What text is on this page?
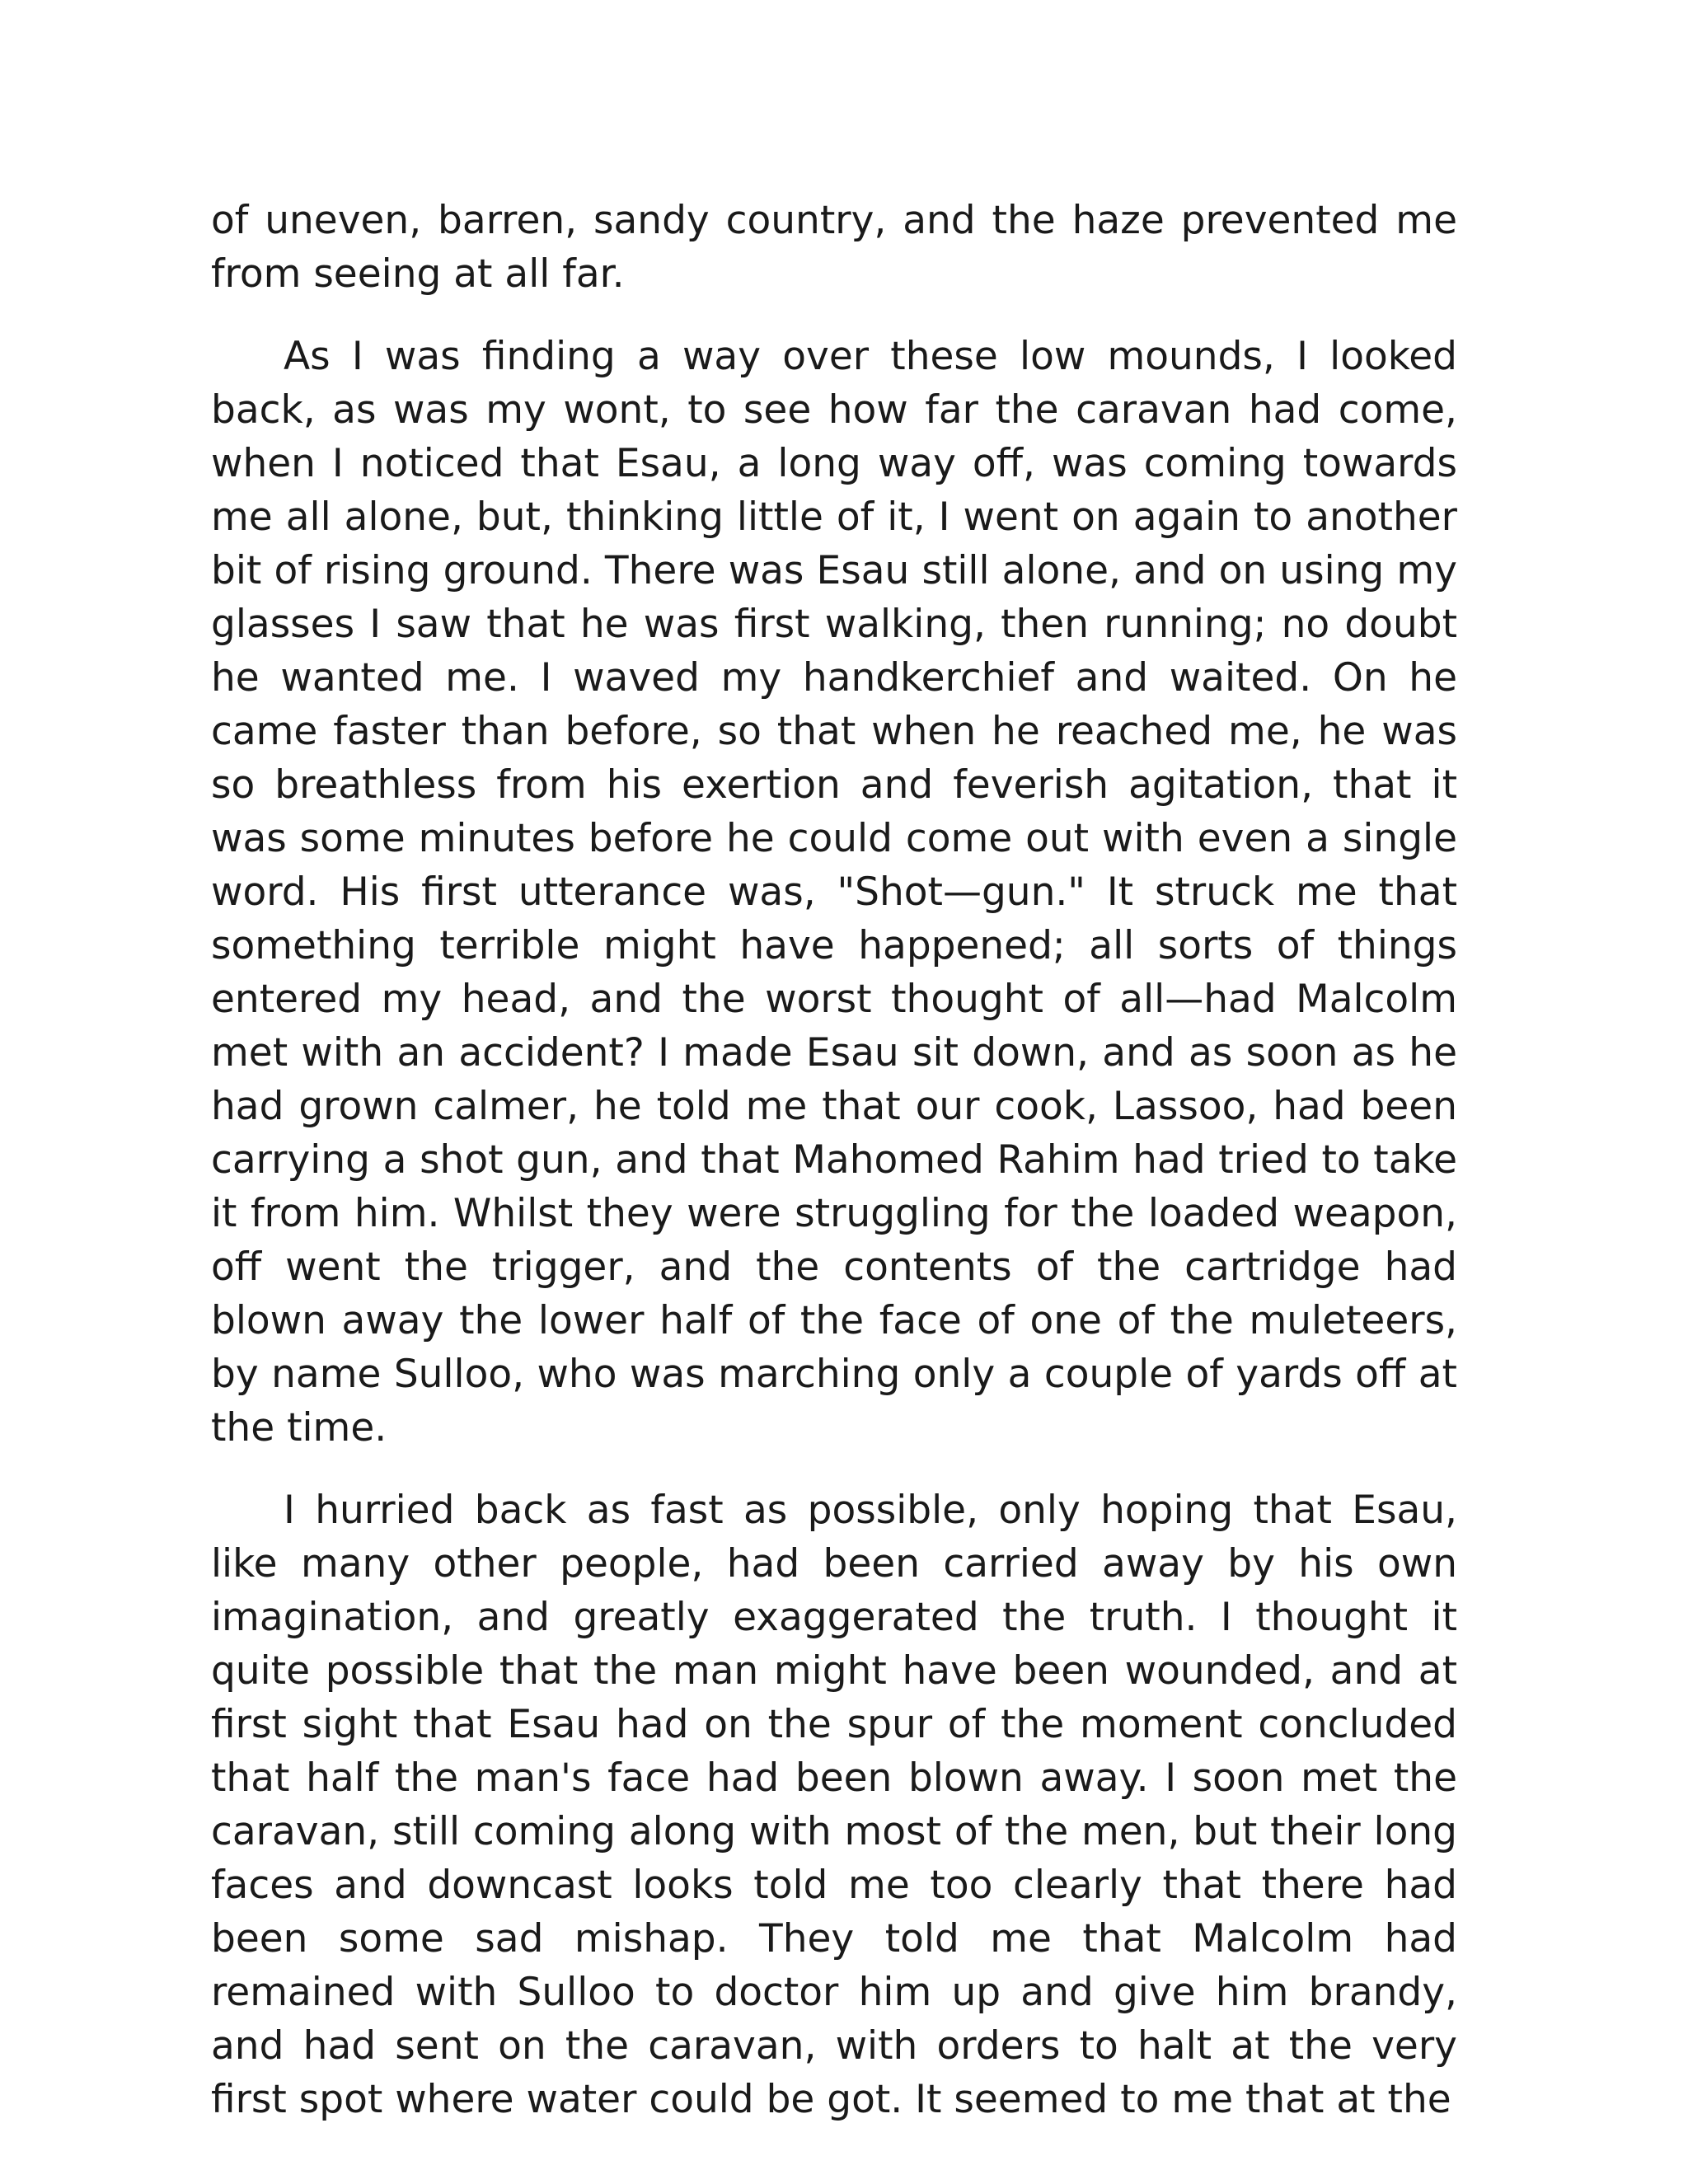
of uneven, barren, sandy country, and the haze prevented me from seeing at all far.

As I was finding a way over these low mounds, I looked back, as was my wont, to see how far the caravan had come, when I noticed that Esau, a long way off, was coming towards me all alone, but, thinking little of it, I went on again to another bit of rising ground. There was Esau still alone, and on using my glasses I saw that he was first walking, then running; no doubt he wanted me. I waved my handkerchief and waited. On he came faster than before, so that when he reached me, he was so breathless from his exertion and feverish agitation, that it was some minutes before he could come out with even a single word. His first utterance was, "Shot—gun." It struck me that something terrible might have happened; all sorts of things entered my head, and the worst thought of all—had Malcolm met with an accident? I made Esau sit down, and as soon as he had grown calmer, he told me that our cook, Lassoo, had been carrying a shot gun, and that Mahomed Rahim had tried to take it from him. Whilst they were struggling for the loaded weapon, off went the trigger, and the contents of the cartridge had blown away the lower half of the face of one of the muleteers, by name Sulloo, who was marching only a couple of yards off at the time.

I hurried back as fast as possible, only hoping that Esau, like many other people, had been carried away by his own imagination, and greatly exaggerated the truth. I thought it quite possible that the man might have been wounded, and at first sight that Esau had on the spur of the moment concluded that half the man's face had been blown away. I soon met the caravan, still coming along with most of the men, but their long faces and downcast looks told me too clearly that there had been some sad mishap. They told me that Malcolm had remained with Sulloo to doctor him up and give him brandy, and had sent on the caravan, with orders to halt at the very first spot where water could be got. It seemed to me that at the
